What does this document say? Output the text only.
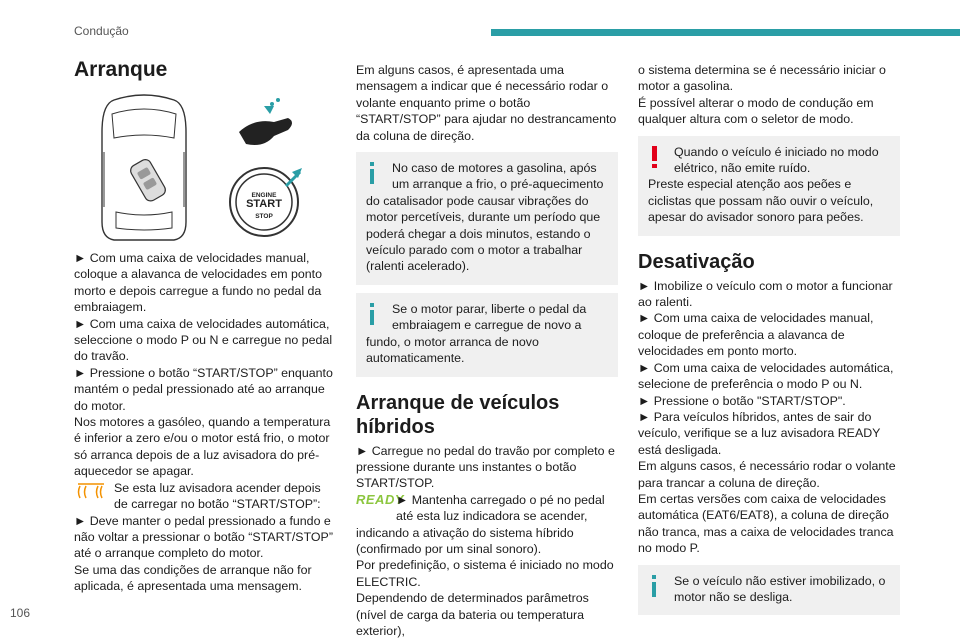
Condução
Arranque
ENGINE
START
STOP

► Com uma caixa de velocidades manual, coloque a alavanca de velocidades em ponto morto e depois carregue a fundo no pedal da embraiagem.

► Com uma caixa de velocidades automática, seleccione o modo P ou N e carregue no pedal do travão.

► Pressione o botão “START/STOP” enquanto mantém o pedal pressionado até ao arranque do motor.

Nos motores a gasóleo, quando a temperatura é inferior a zero e/ou o motor está frio, o motor só arranca depois de a luz avisadora do pré-aquecedor se apagar.

Se esta luz avisadora acender depois de carregar no botão “START/STOP”:

► Deve manter o pedal pressionado a fundo e não voltar a pressionar o botão “START/STOP” até o arranque completo do motor.

Se uma das condições de arranque não for aplicada, é apresentada uma mensagem.

Em alguns casos, é apresentada uma mensagem a indicar que é necessário rodar o volante enquanto prime o botão “START/STOP” para ajudar no destrancamento da coluna de direção.

No caso de motores a gasolina, após um arranque a frio, o pré-aquecimento do catalisador pode causar vibrações do motor percetíveis, durante um período que poderá chegar a dois minutos, estando o veículo parado com o motor a trabalhar (ralenti acelerado).
Se o motor parar, liberte o pedal da embraiagem e carregue de novo a fundo, o motor arranca de novo automaticamente.
Arranque de veículos híbridos

► Carregue no pedal do travão por completo e pressione durante uns instantes o botão START/STOP.

READY

► Mantenha carregado o pé no pedal até esta luz indicadora se acender, indicando a ativação do sistema híbrido (confirmado por um sinal sonoro).

Por predefinição, o sistema é iniciado no modo ELECTRIC.

Dependendo de determinados parâmetros (nível de carga da bateria ou temperatura exterior),

o sistema determina se é necessário iniciar o motor a gasolina.

É possível alterar o modo de condução em qualquer altura com o seletor de modo.

Quando o veículo é iniciado no modo elétrico, não emite ruído.
Preste especial atenção aos peões e ciclistas que possam não ouvir o veículo, apesar do avisador sonoro para peões.
Desativação

► Imobilize o veículo com o motor a funcionar ao ralenti.

► Com uma caixa de velocidades manual, coloque de preferência a alavanca de velocidades em ponto morto.

► Com uma caixa de velocidades automática, selecione de preferência o modo P ou N.

► Pressione o botão "START/STOP".

► Para veículos híbridos, antes de sair do veículo, verifique se a luz avisadora READY está desligada.

Em alguns casos, é necessário rodar o volante para trancar a coluna de direção.

Em certas versões com caixa de velocidades automática (EAT6/EAT8), a coluna de direção não tranca, mas a caixa de velocidades tranca no modo P.

Se o veículo não estiver imobilizado, o motor não se desliga.
106
